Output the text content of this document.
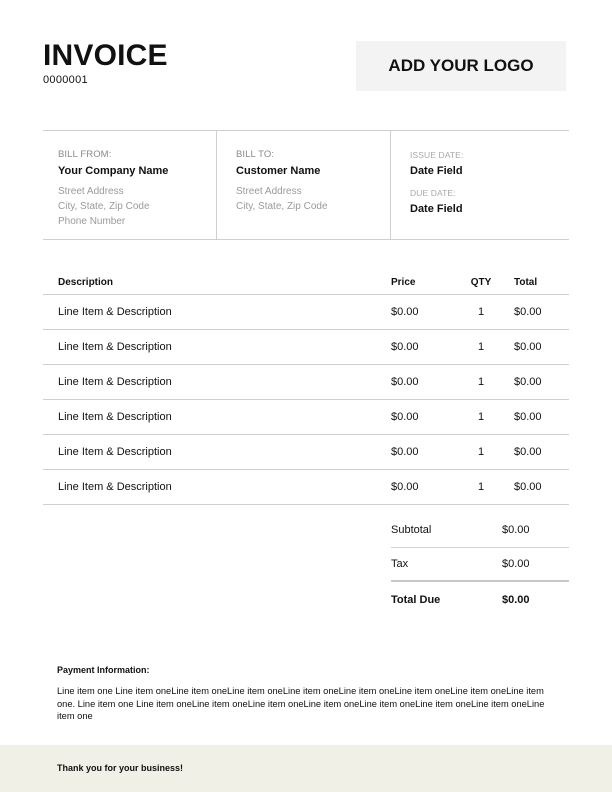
INVOICE
0000001
ADD YOUR LOGO
BILL FROM:
Your Company Name
Street Address
City, State, Zip Code
Phone Number
BILL TO:
Customer Name
Street Address
City, State, Zip Code
ISSUE DATE:
Date Field
DUE DATE:
Date Field
Description	Price	QTY	Total
Line Item & Description	$0.00	1	$0.00
Line Item & Description	$0.00	1	$0.00
Line Item & Description	$0.00	1	$0.00
Line Item & Description	$0.00	1	$0.00
Line Item & Description	$0.00	1	$0.00
Line Item & Description	$0.00	1	$0.00
Subtotal	$0.00
Tax	$0.00
Total Due	$0.00
Payment Information:
Line item one Line item oneLine item oneLine item oneLine item oneLine item oneLine item oneLine item oneLine item one. Line item one Line item oneLine item oneLine item oneLine item oneLine item oneLine item oneLine item oneLine item one
Thank you for your business!
